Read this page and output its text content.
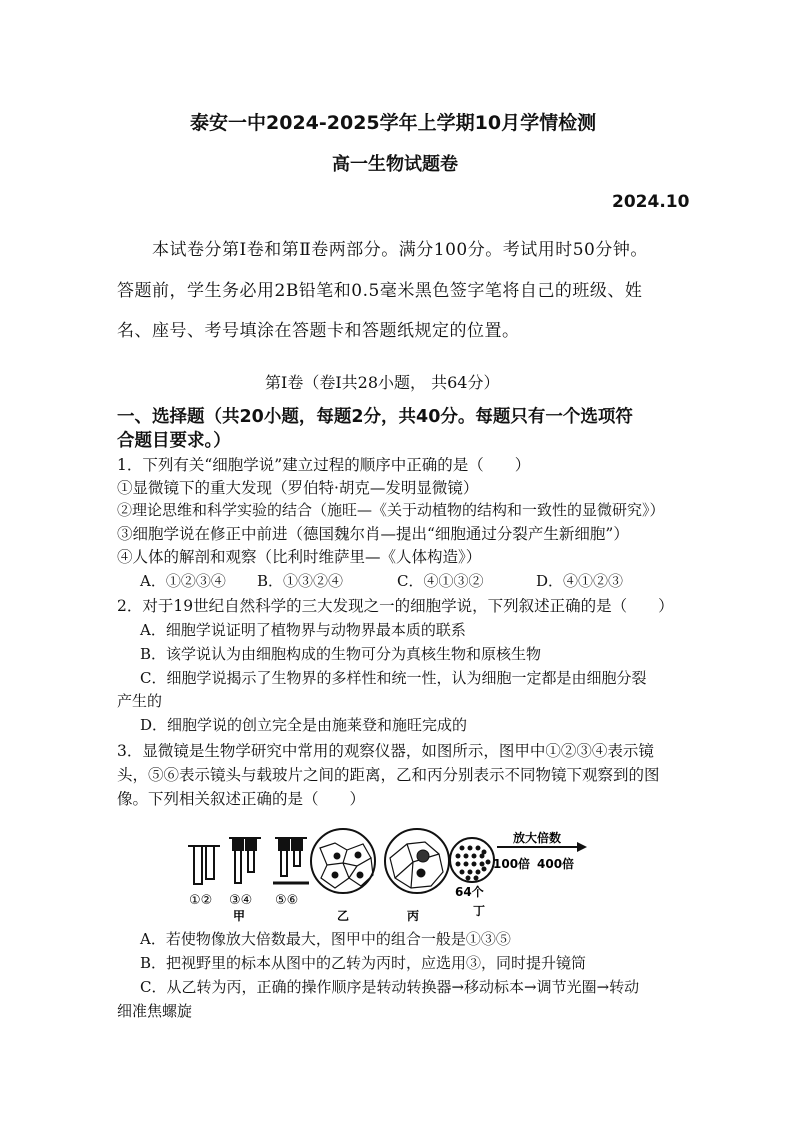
泰安一中2024-2025学年上学期10月学情检测
高一生物试题卷
2024.10
本试卷分第Ⅰ卷和第Ⅱ卷两部分。满分100分。考试用时50分钟。
答题前，学生务必用2B铅笔和0.5毫米黑色签字笔将自己的班级、姓
名、座号、考号填涂在答题卡和答题纸规定的位置。
第Ⅰ卷（卷Ⅰ共28小题， 共64分）
一、选择题（共20小题，每题2分，共40分。每题只有一个选项符
合题目要求。）
1．下列有关“细胞学说”建立过程的顺序中正确的是（　　）
①显微镜下的重大发现（罗伯特·胡克—发明显微镜）
②理论思维和科学实验的结合（施旺—《关于动植物的结构和一致性的显微研究》）
③细胞学说在修正中前进（德国魏尔肖—提出“细胞通过分裂产生新细胞”）
④人体的解剖和观察（比利时维萨里—《人体构造》）
A．①②③④ B．①③②④	C．④①③②	D．④①②③
2．对于19世纪自然科学的三大发现之一的细胞学说，下列叙述正确的是（　　）
A．细胞学说证明了植物界与动物界最本质的联系
B．该学说认为由细胞构成的生物可分为真核生物和原核生物
C．细胞学说揭示了生物界的多样性和统一性，认为细胞一定都是由细胞分裂
产生的
D．细胞学说的创立完全是由施莱登和施旺完成的
3．显微镜是生物学研究中常用的观察仪器，如图所示，图甲中①②③④表示镜
头，⑤⑥表示镜头与载玻片之间的距离，乙和丙分别表示不同物镜下观察到的图
像。下列相关叙述正确的是（　　）
放大倍数
100倍 400倍
64个
①② ③④ ⑤⑥
甲	乙	丙	丁
A．若使物像放大倍数最大，图甲中的组合一般是①③⑤
B．把视野里的标本从图中的乙转为丙时，应选用③，同时提升镜筒
C．从乙转为丙，正确的操作顺序是转动转换器→移动标本→调节光圈→转动
细准焦螺旋
